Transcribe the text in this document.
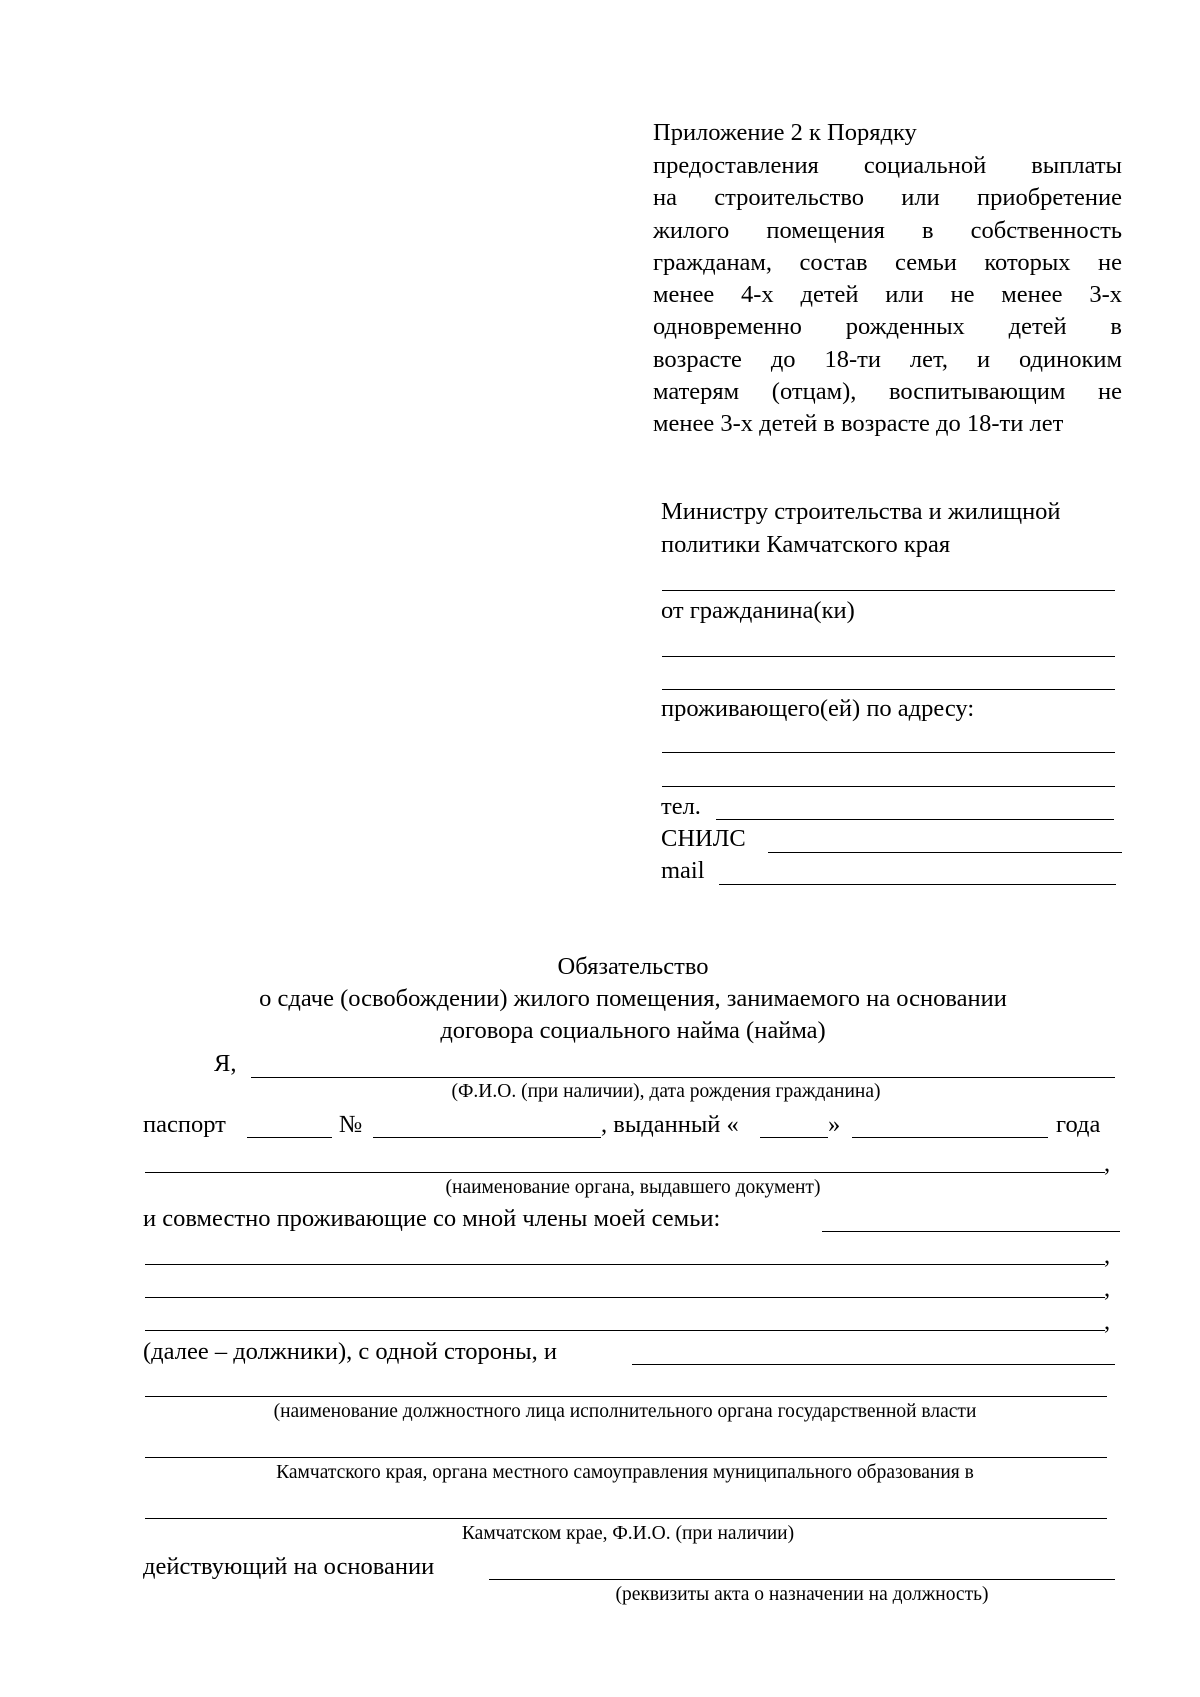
Приложение 2 к Порядку
предоставления социальной выплаты
на строительство или приобретение
жилого помещения в собственность
гражданам, состав семьи которых не
менее 4-х детей или не менее 3-х
одновременно рожденных детей в
возрасте до 18-ти лет, и одиноким
матерям (отцам), воспитывающим не
менее 3-х детей в возрасте до 18-ти лет
Министру строительства и жилищной
политики Камчатского края
от гражданина(ки)
проживающего(ей) по адресу:
тел.
СНИЛС
mail
Обязательство
о сдаче (освобождении) жилого помещения, занимаемого на основании
договора социального найма (найма)
Я,
(Ф.И.О. (при наличии), дата рождения гражданина)
паспорт	№	, выданный «	»	года
,
(наименование органа, выдавшего документ)
и совместно проживающие со мной члены моей семьи:
,
,
,
(далее – должники), с одной стороны, и
(наименование должностного лица исполнительного органа государственной власти
Камчатского края, органа местного самоуправления муниципального образования в
Камчатском крае, Ф.И.О. (при наличии)
действующий на основании
(реквизиты акта о назначении на должность)
